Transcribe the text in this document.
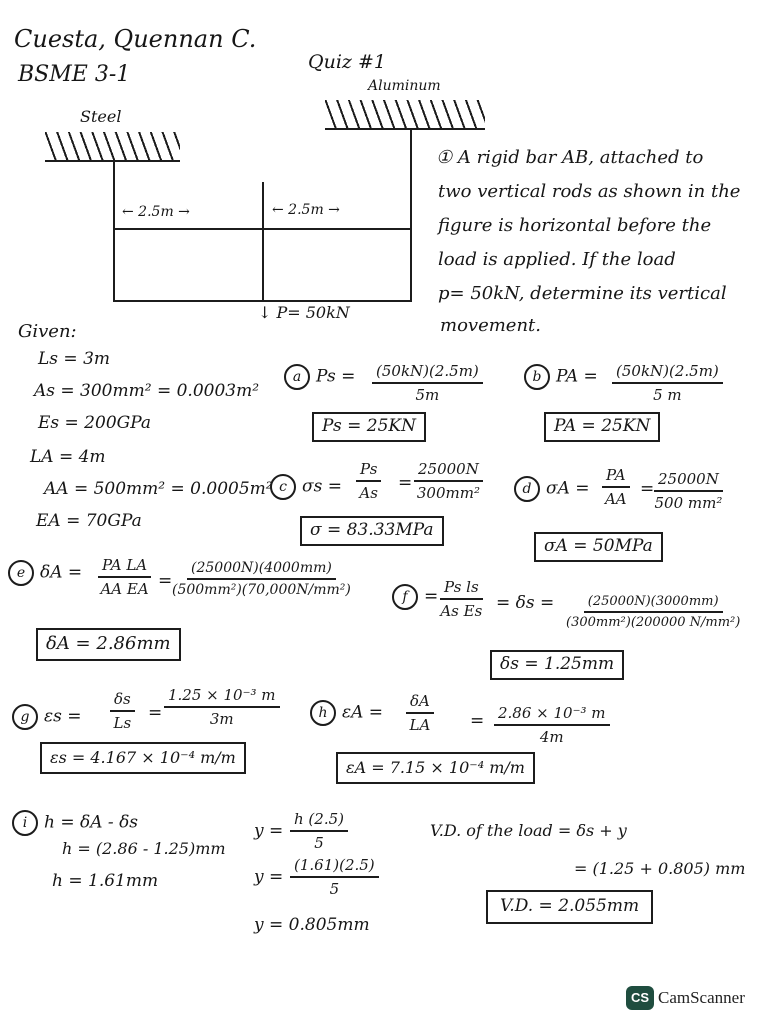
Cuesta, Quennan C.
BSME 3-1	Quiz #1
Aluminum
Steel
← 2.5m →	← 2.5m →
↓ P= 50kN
① A rigid bar AB, attached to
two vertical rods as shown in the
figure is horizontal before the
load is applied. If the load
p= 50kN, determine its vertical
movement.
Given:
Ls = 3m
As = 300mm² = 0.0003m²
Es = 200GPa
LA = 4m
AA = 500mm² = 0.0005m²
EA = 70GPa
a $Ps = \frac{(50kN)(2.5m)}{5m}$
Ps = 25KN
b PA = $\frac{(50kN)(2.5m)}{5 m}$
PA = 25KN
c $\sigma s = \frac{Ps}{As} = \frac{25000N}{\text{300mm²}}$
σ = 83.33MPa
d $\sigma A = \frac{PA}{AA} = \frac{25000N}{\text{500 mm²}}$
σA = 50MPa
e $\delta A = \frac{\text{PA LA}}{\text{AA EA}} = \frac{(25000N)(4000mm)}{\text{(500mm²)(70,000N/mm²)}}$
δA = 2.86mm
$f = \frac{\text{Ps ls}}{\text{As Es}} = \delta s = \frac{(25000N)(3000mm)}{\text{(300mm²)(200000 N/mm²)}}$
δs = 1.25mm
g $\varepsilon s = \frac{\delta s}{Ls} = \frac{\text{1.25 × 10⁻³ m}}{3m}$
εs = 4.167 × 10⁻⁴ m/m
h $\varepsilon A = \frac{\delta A}{LA} = \frac{\text{2.86 × 10⁻³ m}}{4m}$
εA = 7.15 × 10⁻⁴ m/m
i h = δA - δs
h = (2.86 - 1.25)mm
h = 1.61mm
$y = \frac{h (2.5)}{5}$
$y = \frac{(1.61)(2.5)}{5}$
y = 0.805mm
V.D. of the load = δs + y
= (1.25 + 0.805) mm
V.D. = 2.055mm
CS CamScanner
